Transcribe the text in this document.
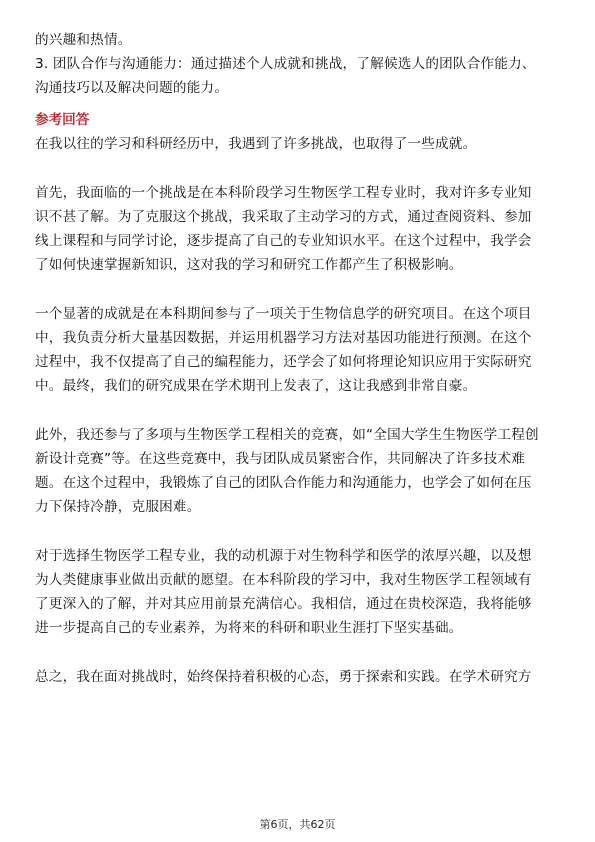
的兴趣和热情。
3. 团队合作与沟通能力：通过描述个人成就和挑战，了解候选人的团队合作能力、
沟通技巧以及解决问题的能力。
参考回答
在我以往的学习和科研经历中，我遇到了许多挑战，也取得了一些成就。
首先，我面临的一个挑战是在本科阶段学习生物医学工程专业时，我对许多专业知
识不甚了解。为了克服这个挑战，我采取了主动学习的方式，通过查阅资料、参加
线上课程和与同学讨论，逐步提高了自己的专业知识水平。在这个过程中，我学会
了如何快速掌握新知识，这对我的学习和研究工作都产生了积极影响。
一个显著的成就是在本科期间参与了一项关于生物信息学的研究项目。在这个项目
中，我负责分析大量基因数据，并运用机器学习方法对基因功能进行预测。在这个
过程中，我不仅提高了自己的编程能力，还学会了如何将理论知识应用于实际研究
中。最终，我们的研究成果在学术期刊上发表了，这让我感到非常自豪。
此外，我还参与了多项与生物医学工程相关的竞赛，如“全国大学生生物医学工程创
新设计竞赛”等。在这些竞赛中，我与团队成员紧密合作，共同解决了许多技术难
题。在这个过程中，我锻炼了自己的团队合作能力和沟通能力，也学会了如何在压
力下保持冷静，克服困难。
对于选择生物医学工程专业，我的动机源于对生物科学和医学的浓厚兴趣，以及想
为人类健康事业做出贡献的愿望。在本科阶段的学习中，我对生物医学工程领域有
了更深入的了解，并对其应用前景充满信心。我相信，通过在贵校深造，我将能够
进一步提高自己的专业素养，为将来的科研和职业生涯打下坚实基础。
总之，我在面对挑战时，始终保持着积极的心态，勇于探索和实践。在学术研究方
第6页，共62页
